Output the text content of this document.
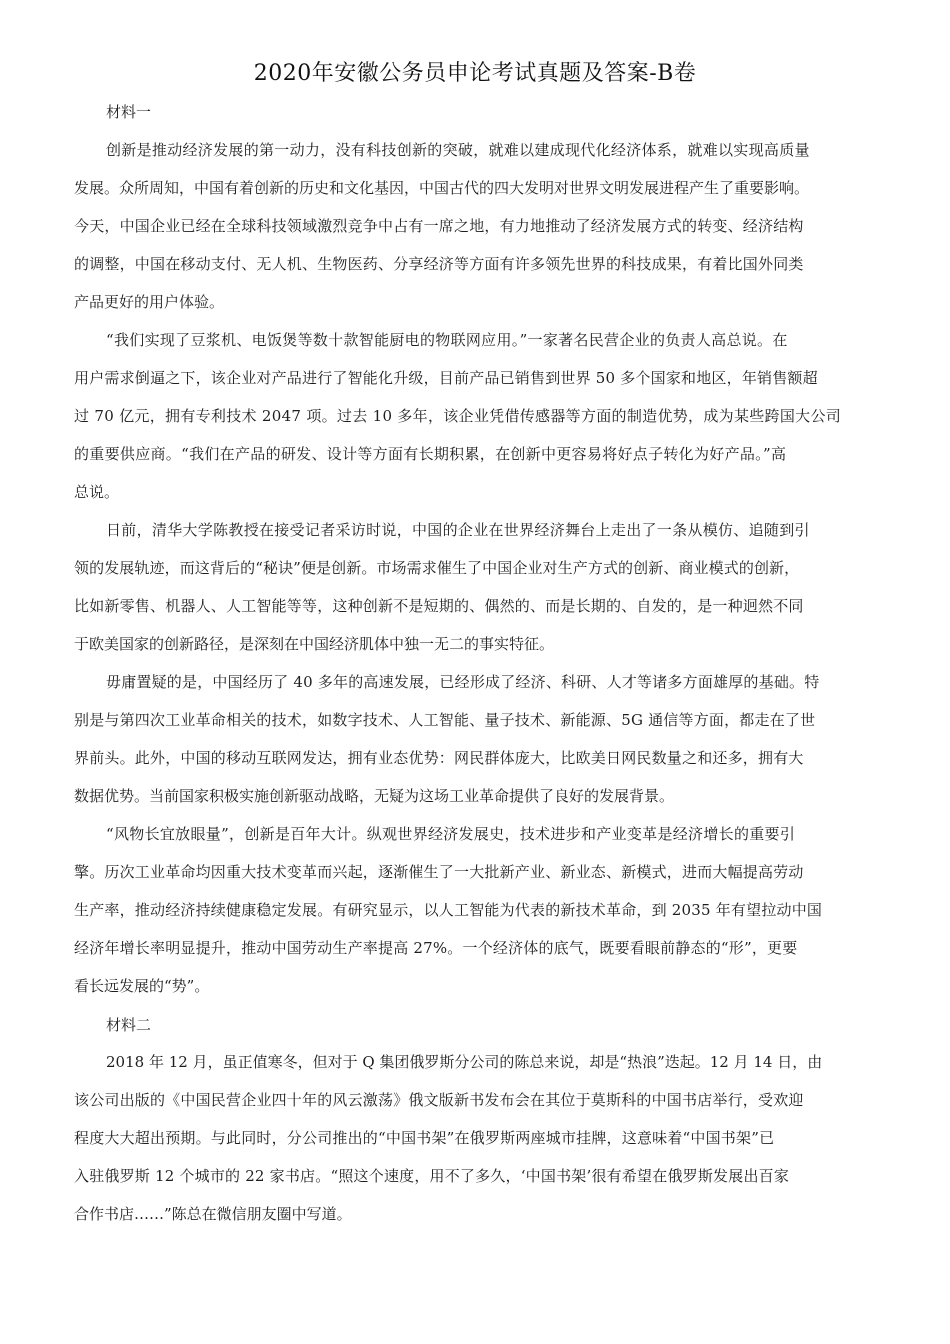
2020年安徽公务员申论考试真题及答案-B卷
材料一
创新是推动经济发展的第一动力，没有科技创新的突破，就难以建成现代化经济体系，就难以实现高质量
发展。众所周知，中国有着创新的历史和文化基因，中国古代的四大发明对世界文明发展进程产生了重要影响。
今天，中国企业已经在全球科技领域激烈竞争中占有一席之地，有力地推动了经济发展方式的转变、经济结构
的调整，中国在移动支付、无人机、生物医药、分享经济等方面有许多领先世界的科技成果，有着比国外同类
产品更好的用户体验。
“我们实现了豆浆机、电饭煲等数十款智能厨电的物联网应用。”一家著名民营企业的负责人高总说。在
用户需求倒逼之下，该企业对产品进行了智能化升级，目前产品已销售到世界 50 多个国家和地区，年销售额超
过 70 亿元，拥有专利技术 2047 项。过去 10 多年，该企业凭借传感器等方面的制造优势，成为某些跨国大公司
的重要供应商。“我们在产品的研发、设计等方面有长期积累，在创新中更容易将好点子转化为好产品。”高
总说。
日前，清华大学陈教授在接受记者采访时说，中国的企业在世界经济舞台上走出了一条从模仿、追随到引
领的发展轨迹，而这背后的“秘诀”便是创新。市场需求催生了中国企业对生产方式的创新、商业模式的创新，
比如新零售、机器人、人工智能等等，这种创新不是短期的、偶然的、而是长期的、自发的，是一种迥然不同
于欧美国家的创新路径，是深刻在中国经济肌体中独一无二的事实特征。
毋庸置疑的是，中国经历了 40 多年的高速发展，已经形成了经济、科研、人才等诸多方面雄厚的基础。特
别是与第四次工业革命相关的技术，如数字技术、人工智能、量子技术、新能源、5G 通信等方面，都走在了世
界前头。此外，中国的移动互联网发达，拥有业态优势：网民群体庞大，比欧美日网民数量之和还多，拥有大
数据优势。当前国家积极实施创新驱动战略，无疑为这场工业革命提供了良好的发展背景。
“风物长宜放眼量”，创新是百年大计。纵观世界经济发展史，技术进步和产业变革是经济增长的重要引
擎。历次工业革命均因重大技术变革而兴起，逐渐催生了一大批新产业、新业态、新模式，进而大幅提高劳动
生产率，推动经济持续健康稳定发展。有研究显示，以人工智能为代表的新技术革命，到 2035 年有望拉动中国
经济年增长率明显提升，推动中国劳动生产率提高 27%。一个经济体的底气，既要看眼前静态的“形”，更要
看长远发展的“势”。
材料二
2018 年 12 月，虽正值寒冬，但对于 Q 集团俄罗斯分公司的陈总来说，却是“热浪”迭起。12 月 14 日，由
该公司出版的《中国民营企业四十年的风云激荡》俄文版新书发布会在其位于莫斯科的中国书店举行，受欢迎
程度大大超出预期。与此同时，分公司推出的“中国书架”在俄罗斯两座城市挂牌，这意味着“中国书架”已
入驻俄罗斯 12 个城市的 22 家书店。“照这个速度，用不了多久，‘中国书架’很有希望在俄罗斯发展出百家
合作书店……”陈总在微信朋友圈中写道。
